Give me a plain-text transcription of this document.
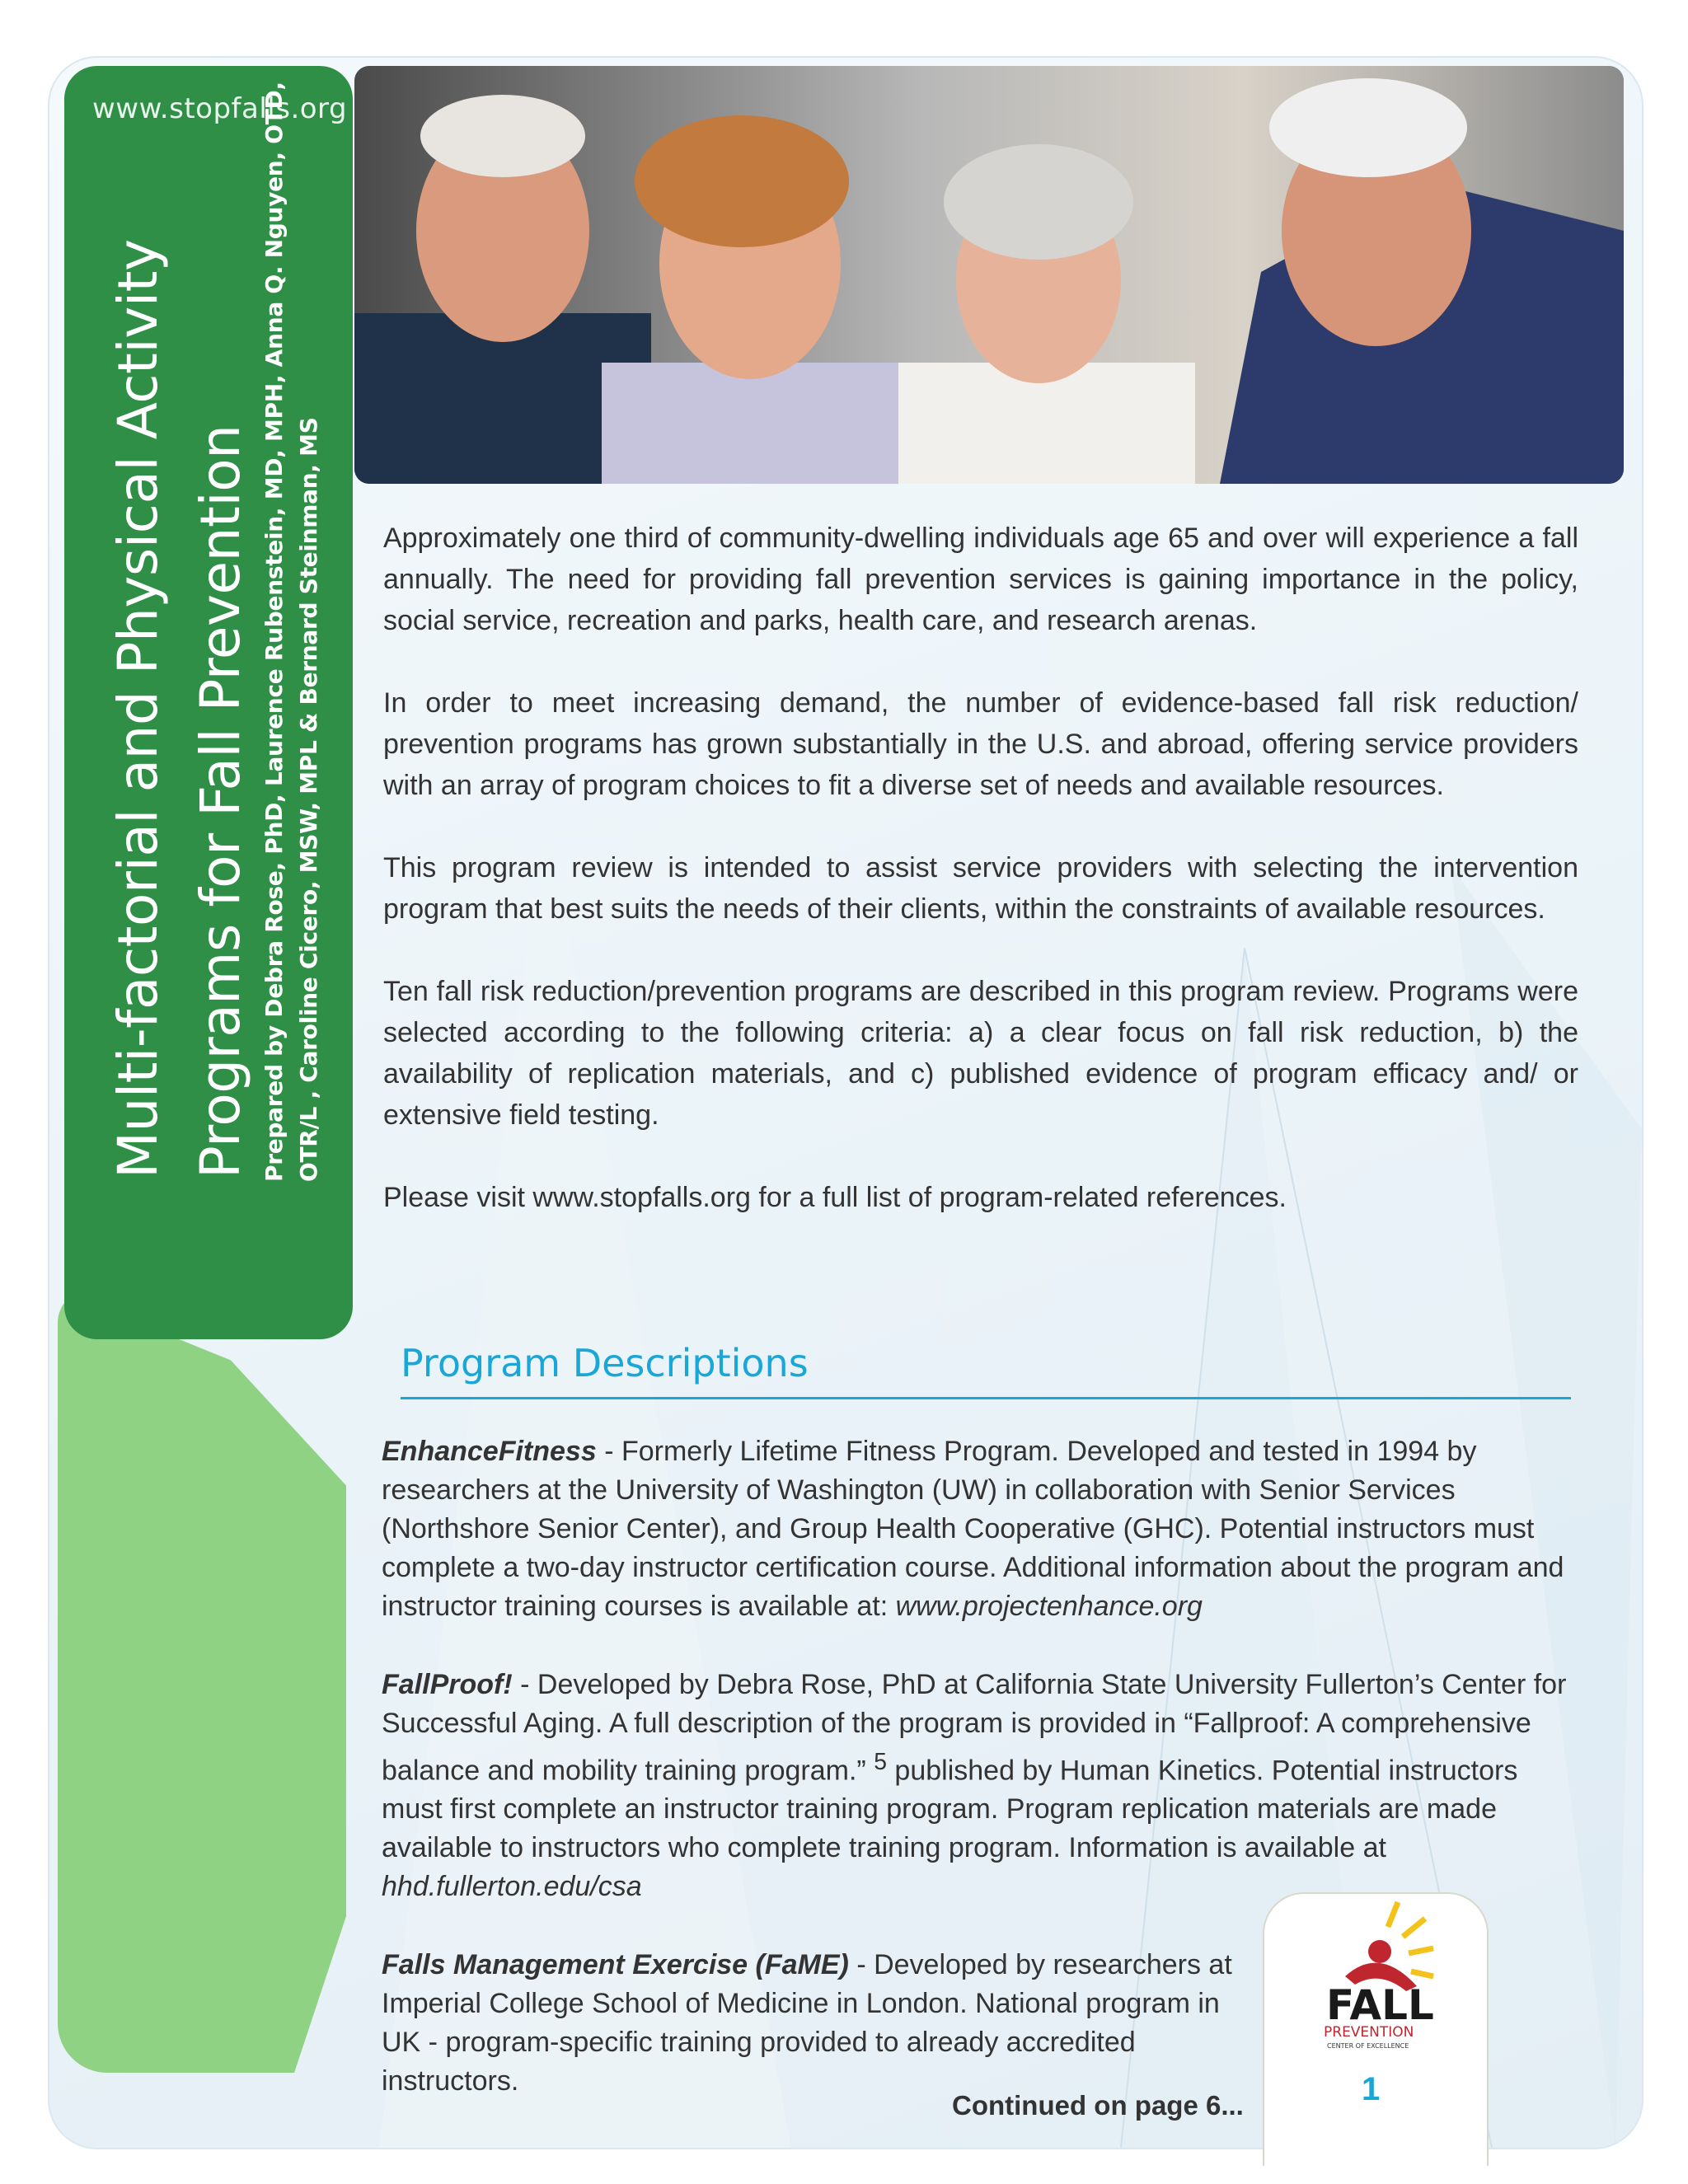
www.stopfalls.org
Multi-factorial and Physical Activity Programs for Fall Prevention Prepared by Debra Rose, PhD, Laurence Rubenstein, MD, MPH, Anna Q. Nguyen, OTD, OTR/L , Caroline Cicero, MSW, MPL & Bernard Steinman, MS Approximately one third of community-dwelling individuals age 65 and over will experience a fall annually. The need for providing fall prevention services is gaining importance in the policy, social service, recreation and parks, health care, and research arenas.

In order to meet increasing demand, the number of evidence-based fall risk reduction/ prevention programs has grown substantially in the U.S. and abroad, offering service providers with an array of program choices to fit a diverse set of needs and available resources.

This program review is intended to assist service providers with selecting the intervention program that best suits the needs of their clients, within the constraints of available resources.

Ten fall risk reduction/prevention programs are described in this program review. Programs were selected according to the following criteria: a) a clear focus on fall risk reduction, b) the availability of replication materials, and c) published evidence of program efficacy and/ or extensive field testing.

Please visit www.stopfalls.org for a full list of program-related references.

Program Descriptions

EnhanceFitness - Formerly Lifetime Fitness Program. Developed and tested in 1994 by researchers at the University of Washington (UW) in collaboration with Senior Services (Northshore Senior Center), and Group Health Cooperative (GHC). Potential instructors must complete a two-day instructor certification course. Additional information about the program and instructor training courses is available at: www.projectenhance.org

FallProof! - Developed by Debra Rose, PhD at California State University Fullerton’s Center for Successful Aging. A full description of the program is provided in “Fallproof: A comprehensive balance and mobility training program.” $^5$ published by Human Kinetics. Potential instructors must first complete an instructor training program. Program replication materials are made available to instructors who complete training program. Information is available at hhd.fullerton.edu/csa

Falls Management Exercise (FaME) - Developed by researchers at Imperial College School of Medicine in London. National program in UK - program-specific training provided to already accredited instructors.

Continued on page 6...
FALL
PREVENTION
CENTER OF EXCELLENCE
1
